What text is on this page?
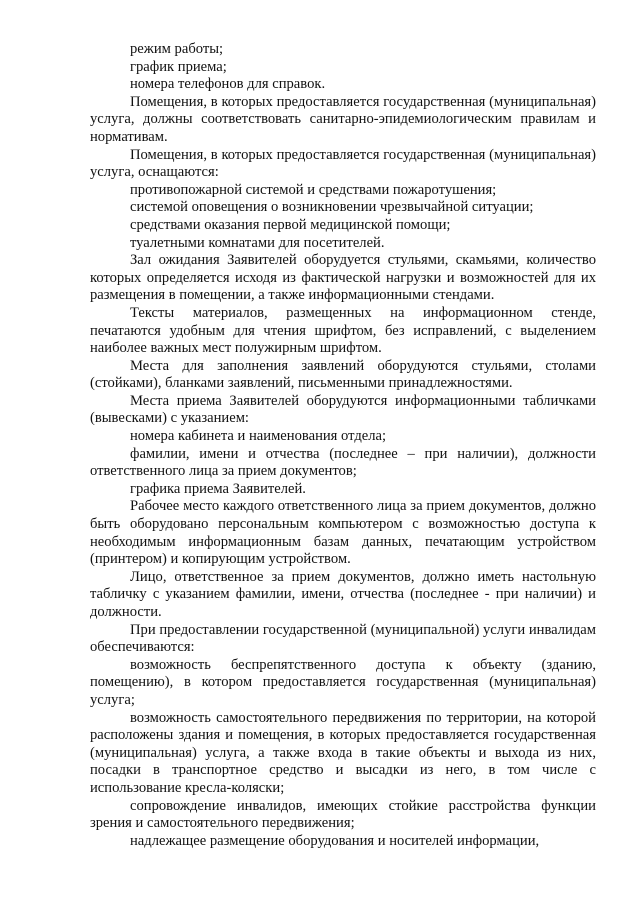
режим работы;

график приема;

номера телефонов для справок.

Помещения, в которых предоставляется государственная (муниципальная) услуга, должны соответствовать санитарно-эпидемиологическим правилам и нормативам.

Помещения, в которых предоставляется государственная (муниципальная) услуга, оснащаются:

противопожарной системой и средствами пожаротушения;

системой оповещения о возникновении чрезвычайной ситуации;

средствами оказания первой медицинской помощи;

туалетными комнатами для посетителей.

Зал ожидания Заявителей оборудуется стульями, скамьями, количество которых определяется исходя из фактической нагрузки и возможностей для их размещения в помещении, а также информационными стендами.

Тексты материалов, размещенных на информационном стенде, печатаются удобным для чтения шрифтом, без исправлений, с выделением наиболее важных мест полужирным шрифтом.

Места для заполнения заявлений оборудуются стульями, столами (стойками), бланками заявлений, письменными принадлежностями.

Места приема Заявителей оборудуются информационными табличками (вывесками) с указанием:

номера кабинета и наименования отдела;

фамилии, имени и отчества (последнее – при наличии), должности ответственного лица за прием документов;

графика приема Заявителей.

Рабочее место каждого ответственного лица за прием документов, должно быть оборудовано персональным компьютером с возможностью доступа к необходимым информационным базам данных, печатающим устройством (принтером) и копирующим устройством.

Лицо, ответственное за прием документов, должно иметь настольную табличку с указанием фамилии, имени, отчества (последнее - при наличии) и должности.

При предоставлении государственной (муниципальной) услуги инвалидам обеспечиваются:

возможность беспрепятственного доступа к объекту (зданию, помещению), в котором предоставляется государственная (муниципальная) услуга;

возможность самостоятельного передвижения по территории, на которой расположены здания и помещения, в которых предоставляется государственная (муниципальная) услуга, а также входа в такие объекты и выхода из них, посадки в транспортное средство и высадки из него, в том числе с использование кресла-коляски;

сопровождение инвалидов, имеющих стойкие расстройства функции зрения и самостоятельного передвижения;

надлежащее размещение оборудования и носителей информации,
